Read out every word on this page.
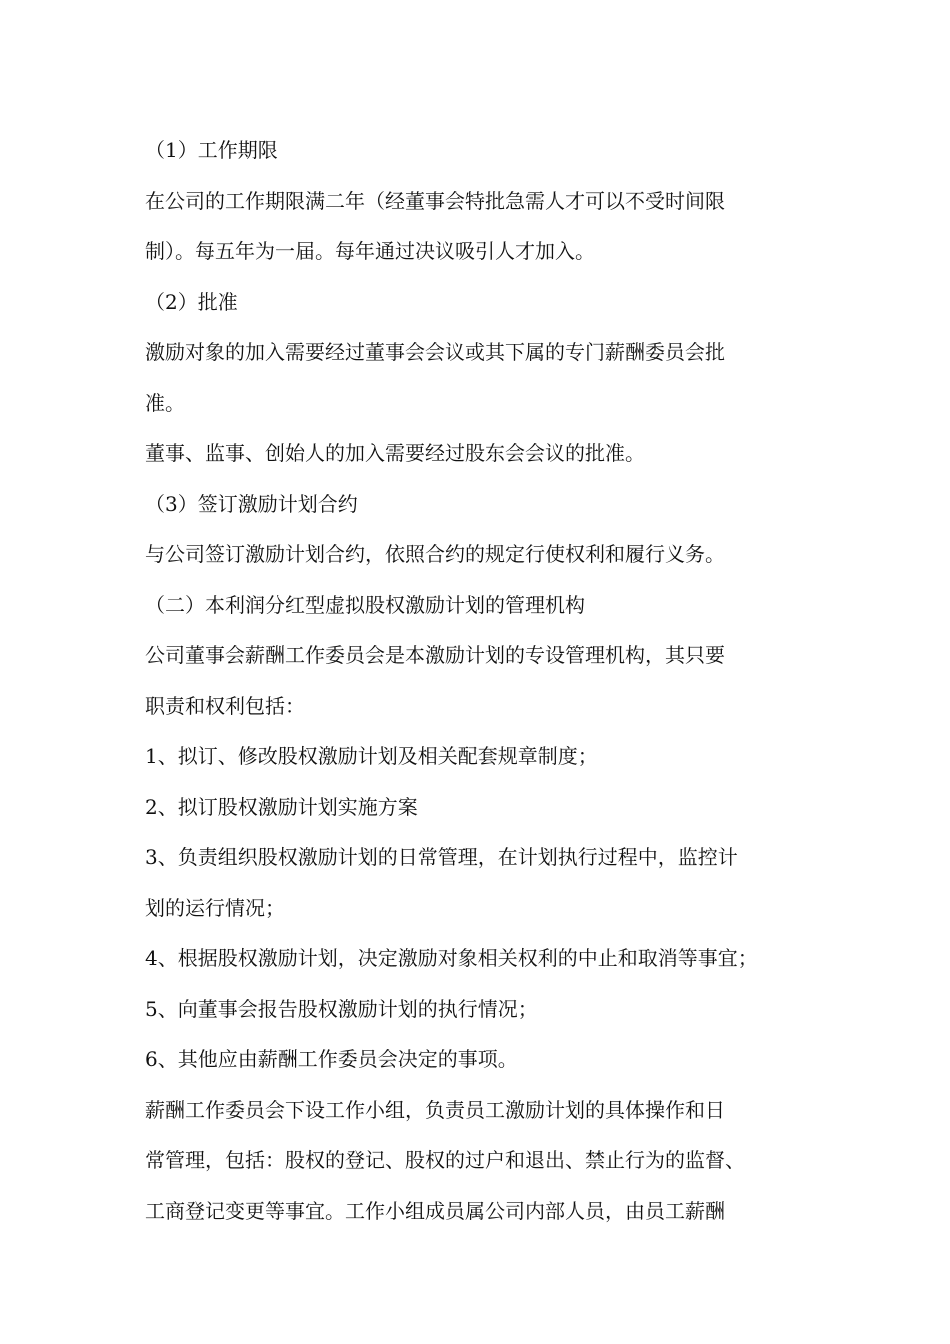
（1）工作期限
在公司的工作期限满二年（经董事会特批急需人才可以不受时间限
制）。每五年为一届。每年通过决议吸引人才加入。
（2）批准
激励对象的加入需要经过董事会会议或其下属的专门薪酬委员会批
准。
董事、监事、创始人的加入需要经过股东会会议的批准。
（3）签订激励计划合约
与公司签订激励计划合约，依照合约的规定行使权利和履行义务。
（二）本利润分红型虚拟股权激励计划的管理机构
公司董事会薪酬工作委员会是本激励计划的专设管理机构，其只要
职责和权利包括：
1、拟订、修改股权激励计划及相关配套规章制度；
2、拟订股权激励计划实施方案
3、负责组织股权激励计划的日常管理，在计划执行过程中，监控计
划的运行情况；
4、根据股权激励计划，决定激励对象相关权利的中止和取消等事宜；
5、向董事会报告股权激励计划的执行情况；
6、其他应由薪酬工作委员会决定的事项。
薪酬工作委员会下设工作小组，负责员工激励计划的具体操作和日
常管理，包括：股权的登记、股权的过户和退出、禁止行为的监督、
工商登记变更等事宜。工作小组成员属公司内部人员，由员工薪酬
